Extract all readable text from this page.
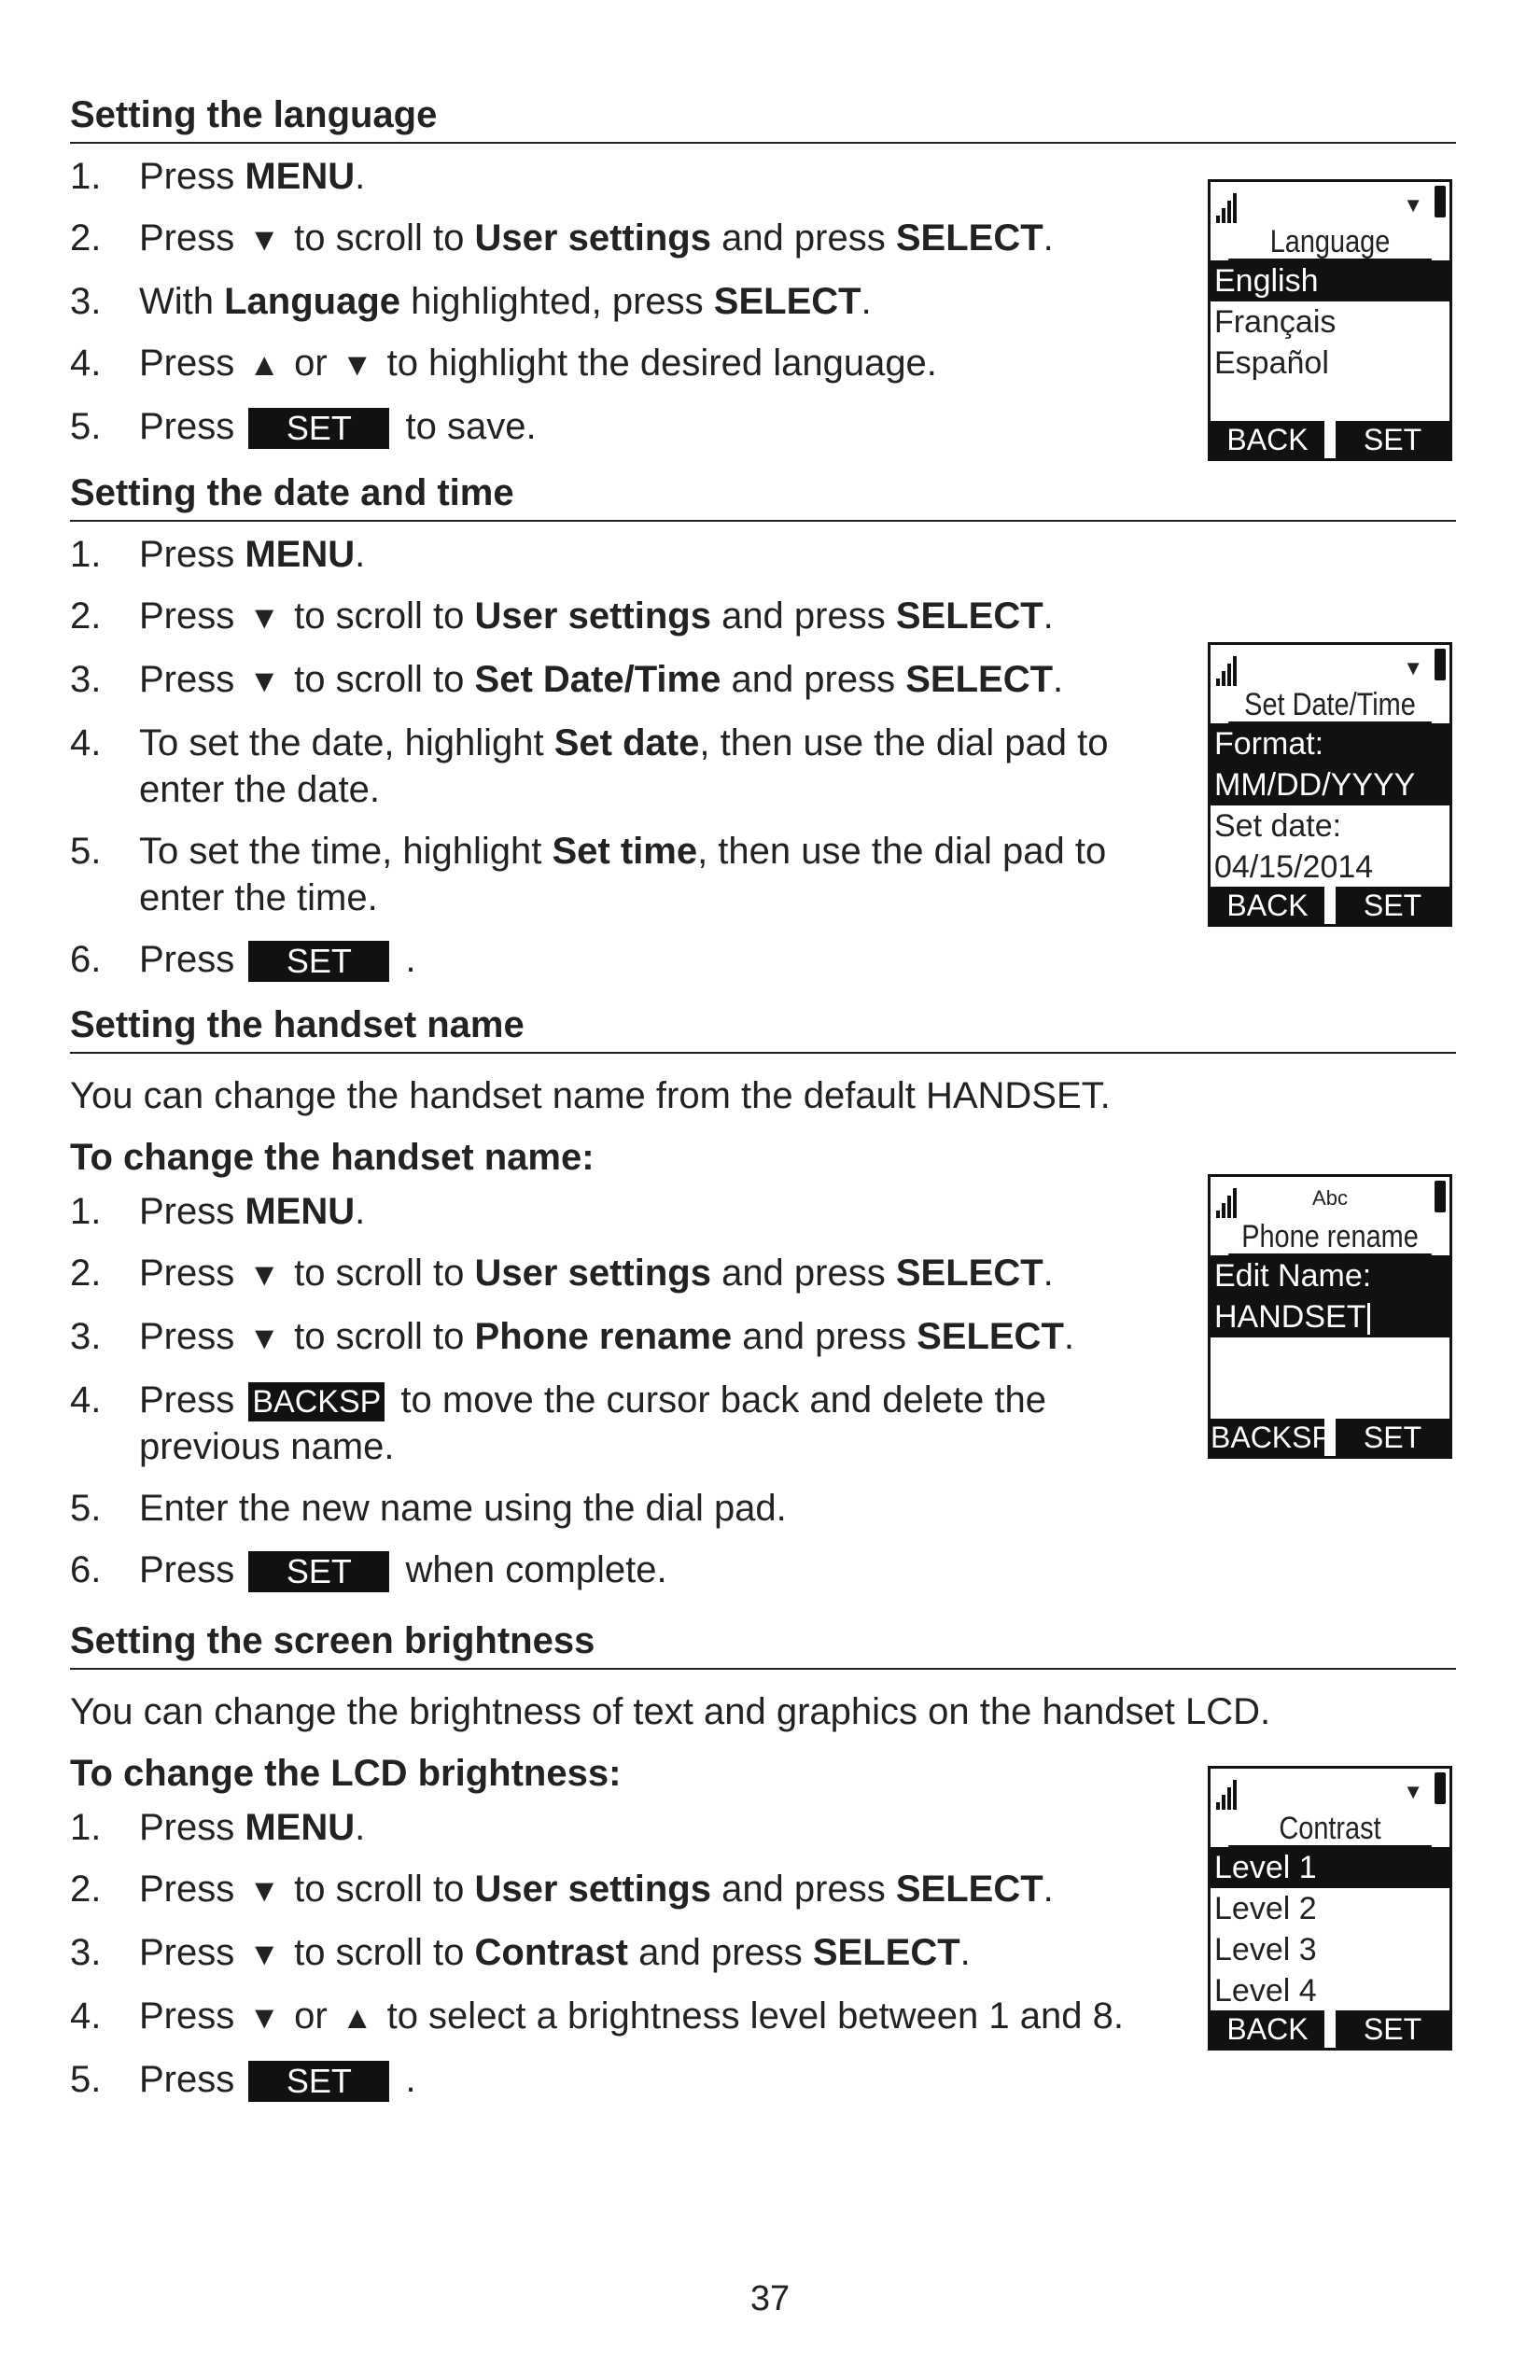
Setting the language
1. Press MENU.
2. Press ▼ to scroll to User settings and press SELECT.
3. With Language highlighted, press SELECT.
4. Press ▲ or ▼ to highlight the desired language.
5. Press SET to save.
Setting the date and time
1. Press MENU.
2. Press ▼ to scroll to User settings and press SELECT.
3. Press ▼ to scroll to Set Date/Time and press SELECT.
4. To set the date, highlight Set date, then use the dial pad to enter the date.
5. To set the time, highlight Set time, then use the dial pad to enter the time.
6. Press SET .
Setting the handset name
You can change the handset name from the default HANDSET.
To change the handset name:
1. Press MENU.
2. Press ▼ to scroll to User settings and press SELECT.
3. Press ▼ to scroll to Phone rename and press SELECT.
4. Press BACKSP to move the cursor back and delete the previous name.
5. Enter the new name using the dial pad.
6. Press SET when complete.
Setting the screen brightness
You can change the brightness of text and graphics on the handset LCD.
To change the LCD brightness:
1. Press MENU.
2. Press ▼ to scroll to User settings and press SELECT.
3. Press ▼ to scroll to Contrast and press SELECT.
4. Press ▼ or ▲ to select a brightness level between 1 and 8.
5. Press SET .
▼
Language
English
Français
Español
BACK	SET
▼
Set Date/Time
Format:
MM/DD/YYYY
Set date:
04/15/2014
BACK	SET
Abc
Phone rename
Edit Name:
HANDSET
BACKSP	SET
▼
Contrast
Level 1
Level 2
Level 3
Level 4
BACK	SET
37
